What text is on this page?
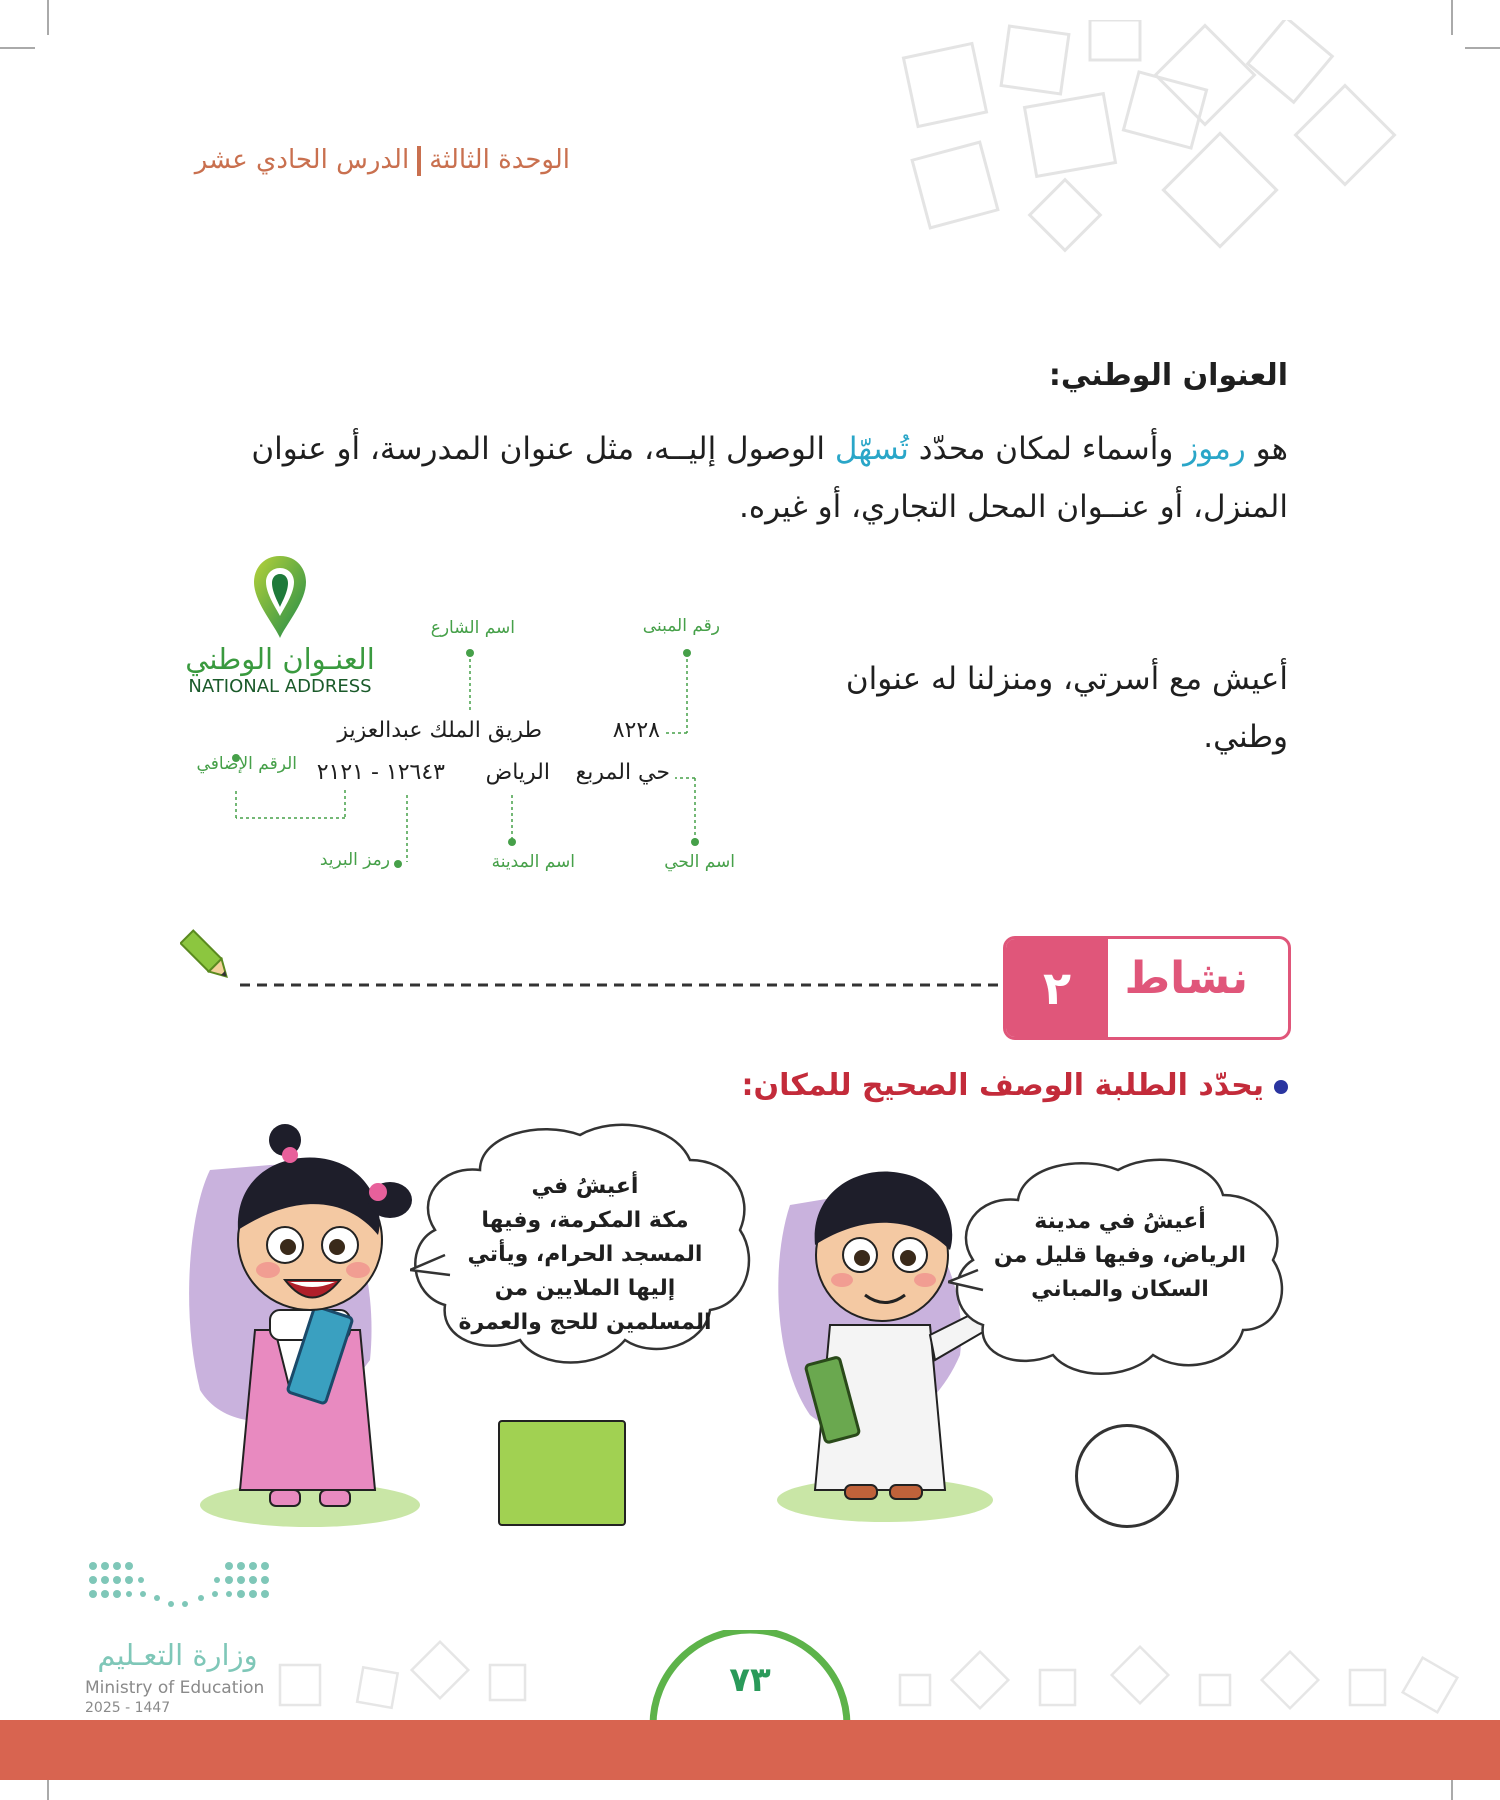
الوحدة الثالثةالدرس الحادي عشر
العنوان الوطني:
هو رموز وأسماء لمكان محدّد تُسهّل الوصول إليــه، مثل عنوان المدرسة، أو عنوان المنزل، أو عنــوان المحل التجاري، أو غيره.
أعيش مع أسرتي، ومنزلنا له عنوان وطني.
العنـوان الوطني
NATIONAL ADDRESS
رقم المبنى
اسم الشارع
٨٢٢٨
طريق الملك عبدالعزيز
حي المربع
الرياض
١٢٦٤٣ - ٢١٢١
الرقم الإضافي
رمز البريد	اسم المدينة	اسم الحي
٢	نشاط
يحدّد الطلبة الوصف الصحيح للمكان:
أعيشُ في
مكة المكرمة، وفيها
المسجد الحرام، ويأتي
إليها الملايين من
المسلمين للحج والعمرة
أعيشُ في مدينة
الرياض، وفيها قليل من
السكان والمباني
وزارة التعـليم
Ministry of Education
2025 - 1447
٧٣
